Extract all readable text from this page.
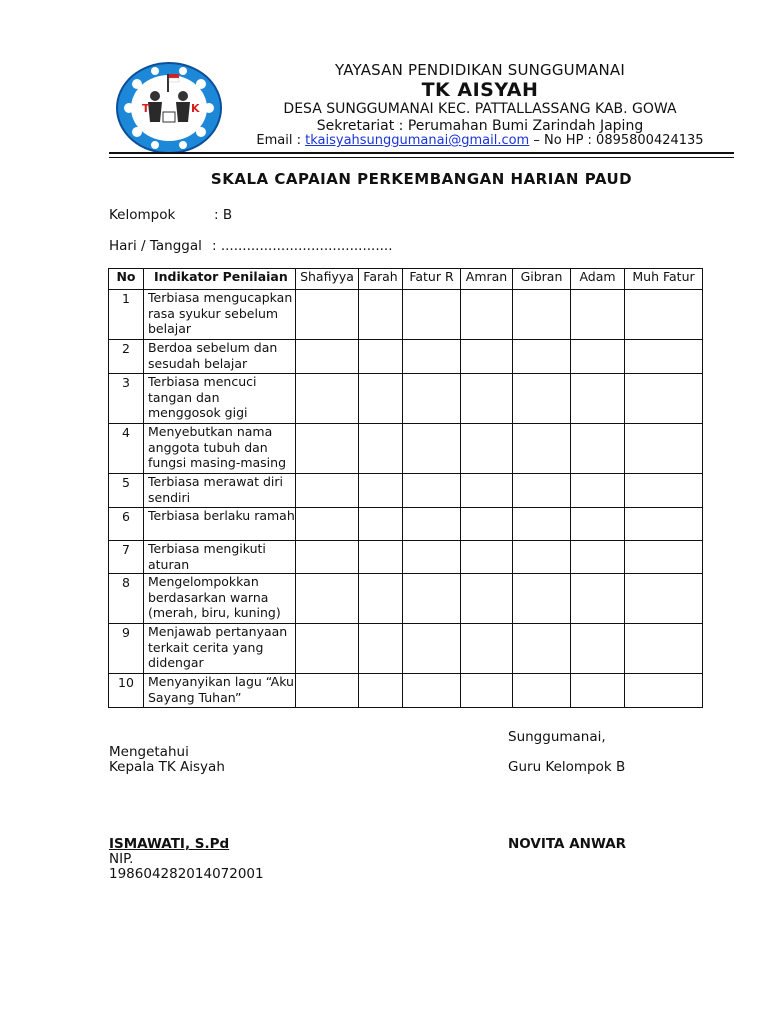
T	K
YAYASAN PENDIDIKAN SUNGGUMANAI
TK AISYAH
DESA SUNGGUMANAI KEC. PATTALLASSANG KAB. GOWA
Sekretariat : Perumahan Bumi Zarindah Japing
Email : tkaisyahsunggumanai@gmail.com – No HP : 0895800424135
SKALA CAPAIAN PERKEMBANGAN HARIAN PAUD
Kelompok	: B
Hari / Tanggal : ........................................
No	Indikator Penilaian	Shafiyya	Farah	Fatur R	Amran	Gibran	Adam	Muh Fatur
1	Terbiasa mengucapkan rasa syukur sebelum belajar							

2	Berdoa sebelum dan sesudah belajar							

3	Terbiasa mencuci tangan dan menggosok gigi							

4	Menyebutkan nama anggota tubuh dan fungsi masing-masing							

5	Terbiasa merawat diri sendiri							

6	Terbiasa berlaku ramah							

7	Terbiasa mengikuti aturan							

8	Mengelompokkan berdasarkan warna (merah, biru, kuning)							

9	Menjawab pertanyaan terkait cerita yang didengar							

10	Menyanyikan lagu “Aku Sayang Tuhan”							

Sunggumanai,
Mengetahui
Kepala TK Aisyah	Guru Kelompok B
ISMAWATI, S.Pd	NOVITA ANWAR
NIP.
198604282014072001
